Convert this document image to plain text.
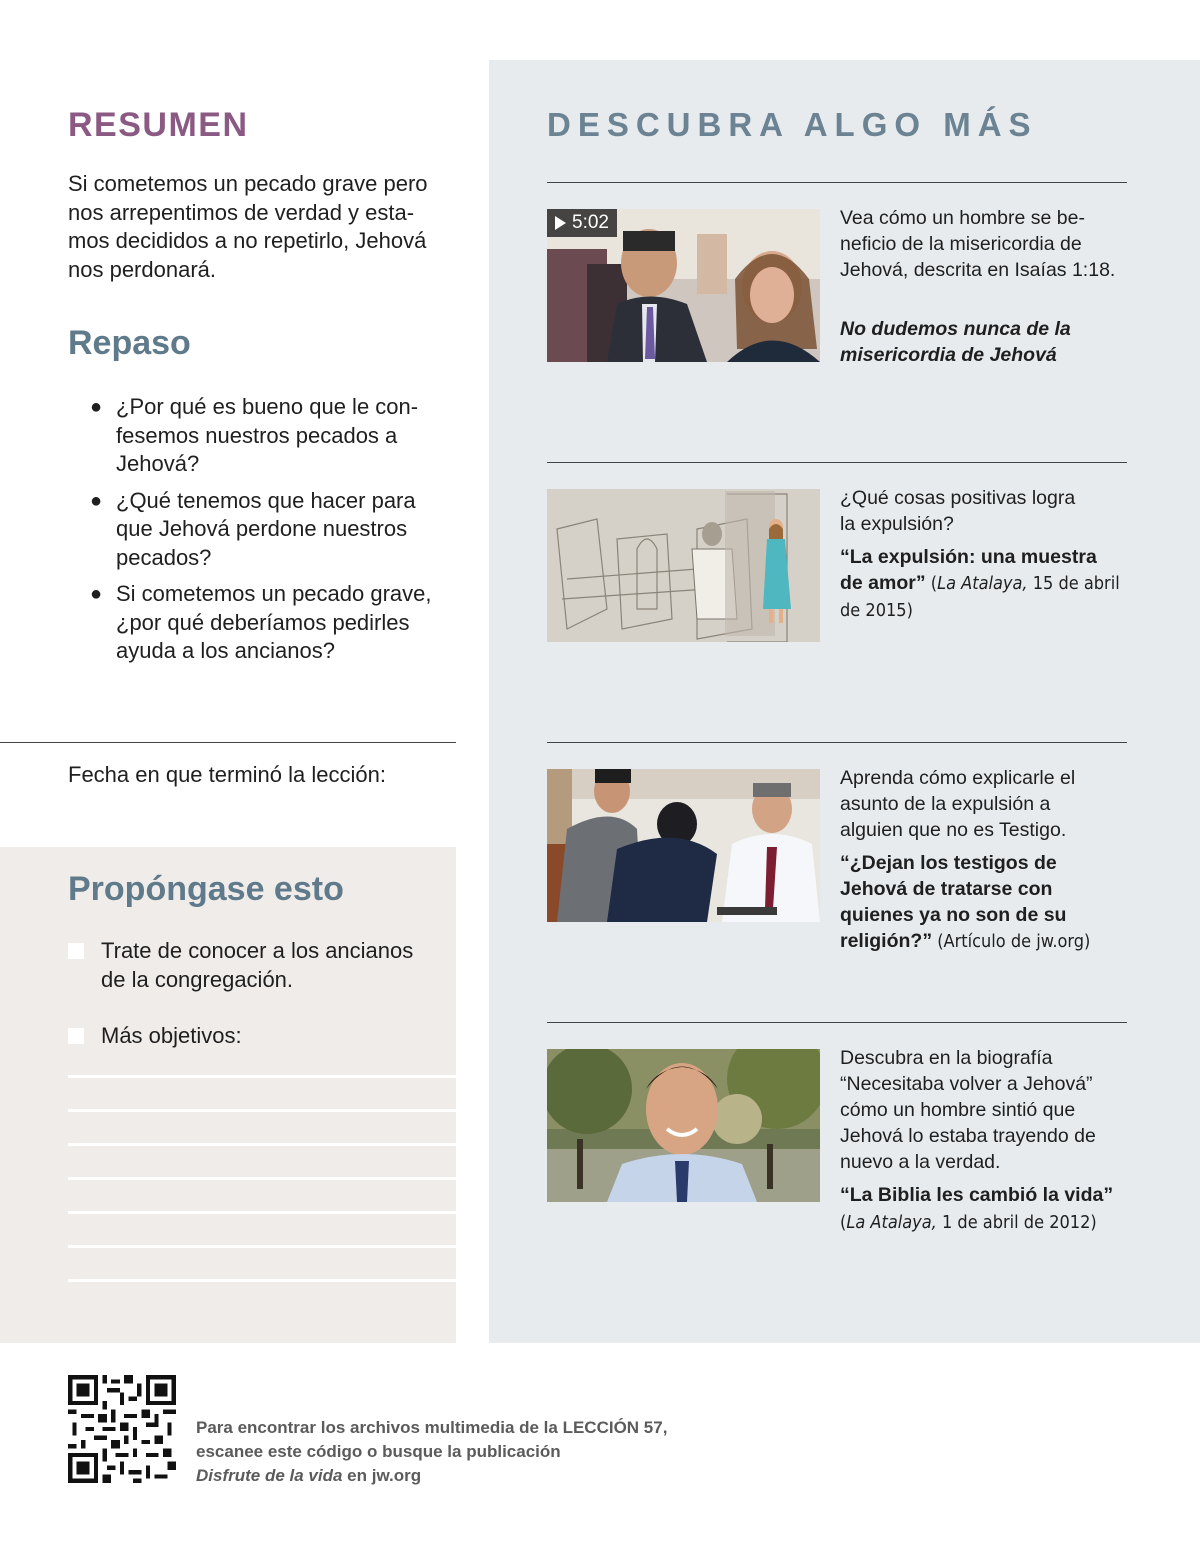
RESUMEN

Si cometemos un pecado grave pero
nos arrepentimos de verdad y esta-
mos decididos a no repetirlo, Jehová
nos perdonará.

Repaso
● ¿Por qué es bueno que le con-
fesemos nuestros pecados a
Jehová?
● ¿Qué tenemos que hacer para
que Jehová perdone nuestros
pecados?
● Si cometemos un pecado grave,
¿por qué deberíamos pedirles
ayuda a los ancianos?

Fecha en que terminó la lección:

Propóngase esto
Trate de conocer a los ancianos
de la congregación.
Más objetivos:
DESCUBRA ALGO MÁS
5:02	Vea cómo un hombre se be-
neficio de la misericordia de
Jehová, descrita en Isaías 1:18.

No dudemos nunca de la
misericordia de Jehová

¿Qué cosas positivas logra
la expulsión?

“La expulsión: una muestra
de amor” (La Atalaya, 15 de abril
de 2015)

Aprenda cómo explicarle el
asunto de la expulsión a
alguien que no es Testigo.

“¿Dejan los testigos de
Jehová de tratarse con
quienes ya no son de su
religión?” (Artículo de jw.org)

Descubra en la biografía
“Necesitaba volver a Jehová”
cómo un hombre sintió que
Jehová lo estaba trayendo de
nuevo a la verdad.

“La Biblia les cambió la vida”
(La Atalaya, 1 de abril de 2012)

Para encontrar los archivos multimedia de la LECCIÓN 57,
escanee este código o busque la publicación
Disfrute de la vida en jw.org
